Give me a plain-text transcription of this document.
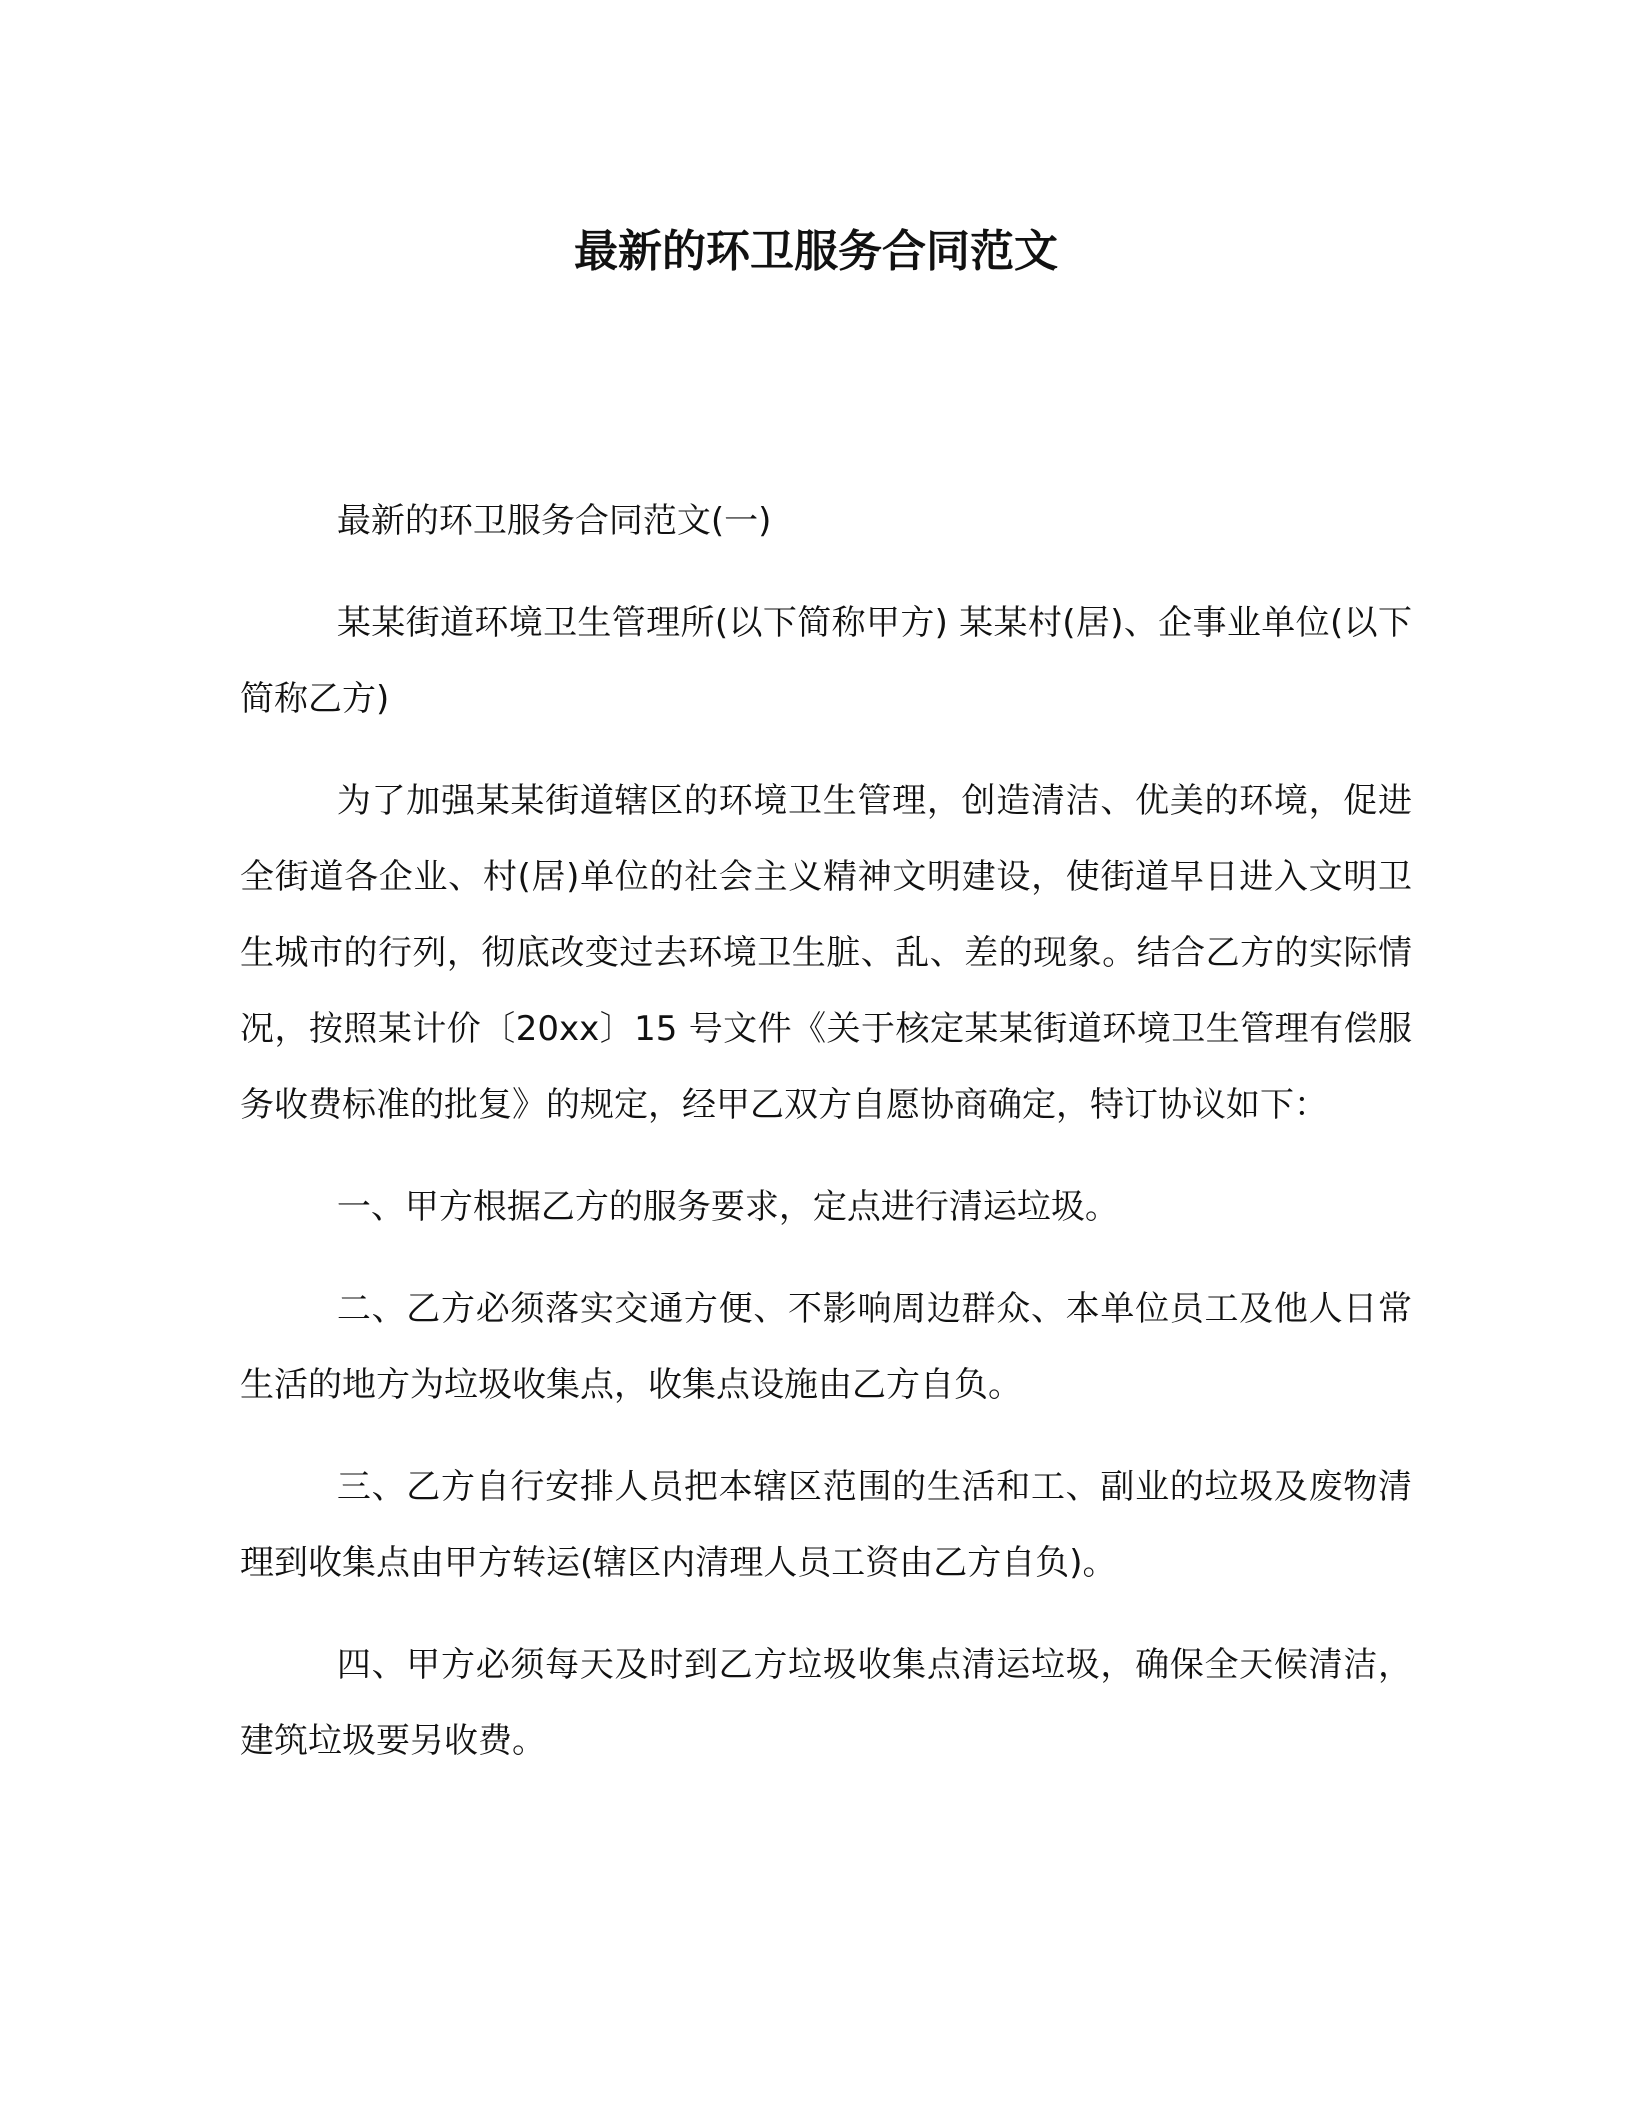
最新的环卫服务合同范文

最新的环卫服务合同范文(一)

某某街道环境卫生管理所(以下简称甲方) 某某村(居)、企事业单位(以下简称乙方)

为了加强某某街道辖区的环境卫生管理，创造清洁、优美的环境，促进全街道各企业、村(居)单位的社会主义精神文明建设，使街道早日进入文明卫生城市的行列，彻底改变过去环境卫生脏、乱、差的现象。结合乙方的实际情况，按照某计价〔20xx〕15 号文件《关于核定某某街道环境卫生管理有偿服务收费标准的批复》的规定，经甲乙双方自愿协商确定，特订协议如下：

一、甲方根据乙方的服务要求，定点进行清运垃圾。

二、乙方必须落实交通方便、不影响周边群众、本单位员工及他人日常生活的地方为垃圾收集点，收集点设施由乙方自负。

三、乙方自行安排人员把本辖区范围的生活和工、副业的垃圾及废物清理到收集点由甲方转运(辖区内清理人员工资由乙方自负)。

四、甲方必须每天及时到乙方垃圾收集点清运垃圾，确保全天候清洁，建筑垃圾要另收费。
